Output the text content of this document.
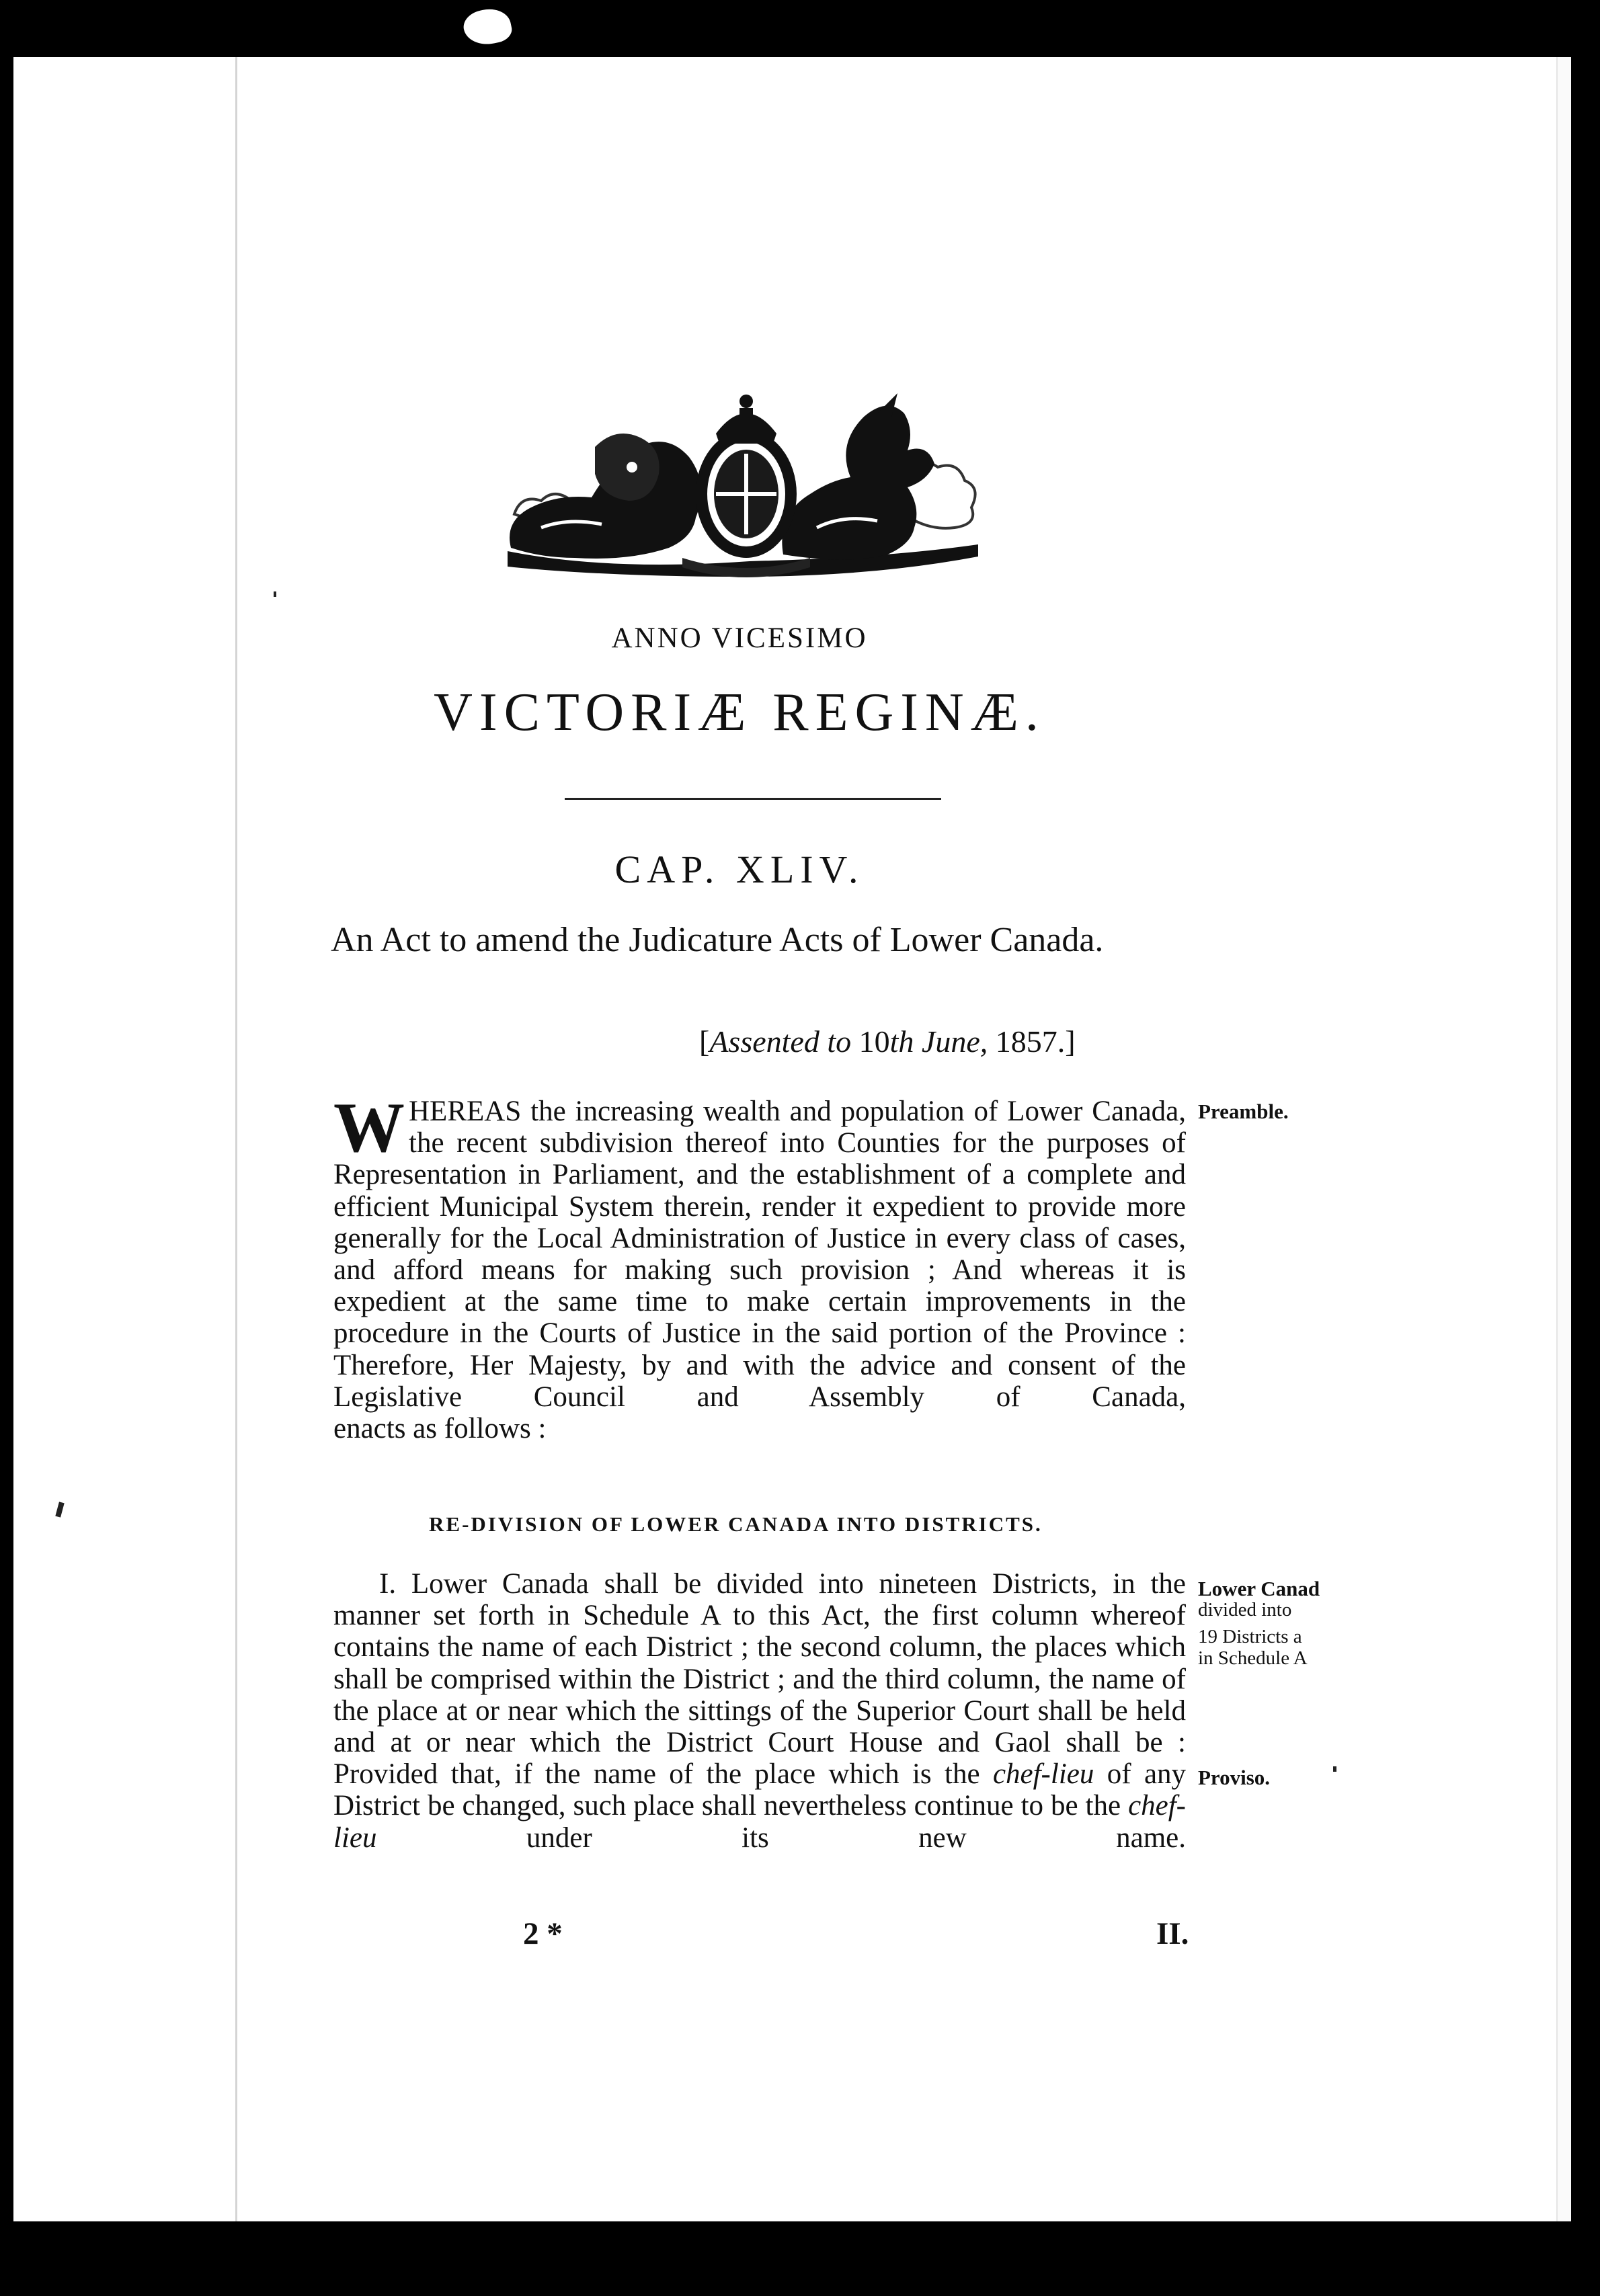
ANNO VICESIMO
VICTORIÆ REGINÆ.
CAP. XLIV.
An Act to amend the Judicature Acts of Lower Canada.
[Assented to 10th June, 1857.]
W HEREAS the increasing wealth and population of Lower Canada, the recent subdivision thereof into Counties for the purposes of Representation in Parliament, and the establishment of a complete and efficient Municipal System therein, render it expedient to provide more generally for the Local Administration of Justice in every class of cases, and afford means for making such provision ; And whereas it is expedient at the same time to make certain improvements in the procedure in the Courts of Justice in the said portion of the Province : Therefore, Her Majesty, by and with the advice and consent of the Legislative Council and Assembly of Canada,

enacts as follows :

RE-DIVISION OF LOWER CANADA INTO DISTRICTS.
I. Lower Canada shall be divided into nineteen Districts, in the manner set forth in Schedule A to this Act, the first column whereof contains the name of each District ; the second column, the places which shall be comprised within the District ; and the third column, the name of the place at or near which the sittings of the Superior Court shall be held and at or near which the District Court House and Gaol shall be : Provided that, if the name of the place which is the chef-lieu of any District be changed, such place shall nevertheless continue to be the chef-lieu	under its new name.
Preamble.
Lower Canad
divided into
19 Districts a
in Schedule A
Proviso.
2 *	II.
